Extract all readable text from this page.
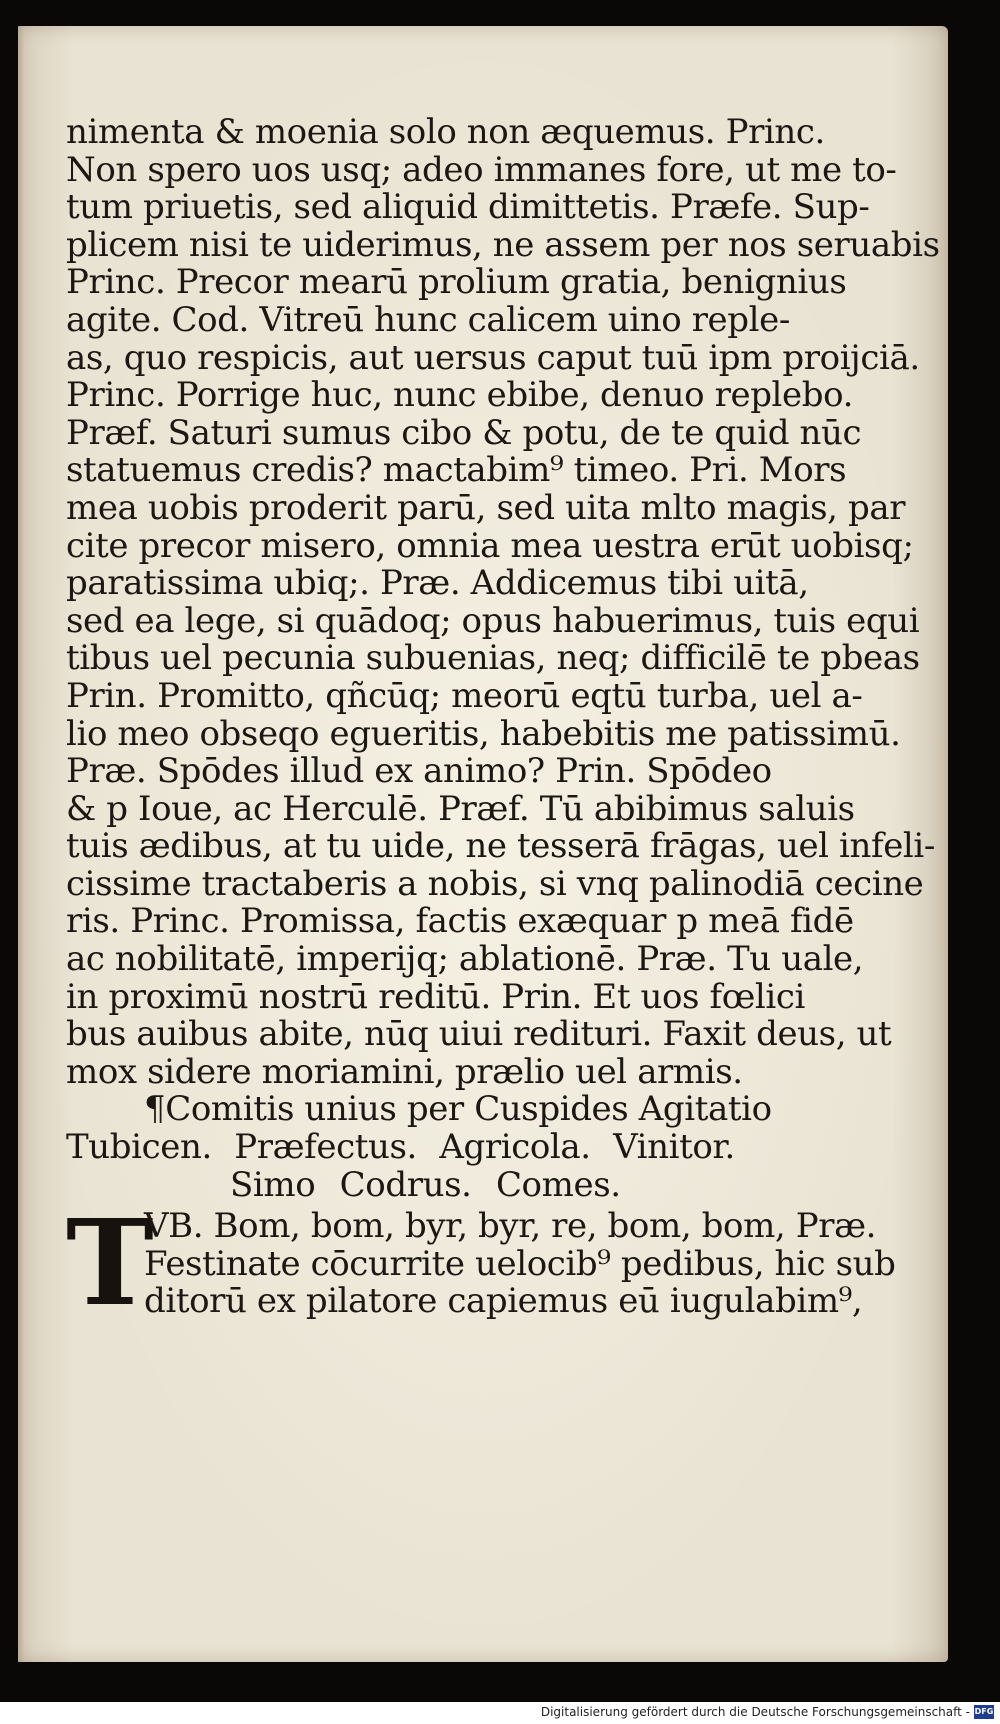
nimenta & moenia solo non æquemus. Princ.
Non spero uos usq; adeo immanes fore, ut me to-
tum priuetis, sed aliquid dimittetis. Præfe. Sup-
plicem nisi te uiderimus, ne assem per nos seruabis
Princ. Precor mearū prolium gratia, benignius
agite. Cod. Vitreū hunc calicem uino reple-
as, quo respicis, aut uersus caput tuū ipm proijciā.
Princ. Porrige huc, nunc ebibe, denuo replebo.
Præf. Saturi sumus cibo & potu, de te quid nūc
statuemus credis? mactabim⁹ timeo. Pri. Mors
mea uobis proderit parū, sed uita mlto magis, par
cite precor misero, omnia mea uestra erūt uobisq;
paratissima ubiq;. Præ. Addicemus tibi uitā,
sed ea lege, si quādoq; opus habuerimus, tuis equi
tibus uel pecunia subuenias, neq; difficilē te pbeas
Prin. Promitto, qñcūq; meorū eqtū turba, uel a-
lio meo obseqo egueritis, habebitis me patissimū.
Præ. Spōdes illud ex animo? Prin. Spōdeo
& p Ioue, ac Herculē. Præf. Tū abibimus saluis
tuis ædibus, at tu uide, ne tesserā frāgas, uel infeli-
cissime tractaberis a nobis, si vnq palinodiā cecine
ris. Princ. Promissa, factis exæquar p meā fidē
ac nobilitatē, imperijq; ablationē. Præ. Tu uale,
in proximū nostrū reditū. Prin. Et uos fœlici
bus auibus abite, nūq uiui redituri. Faxit deus, ut
mox sidere moriamini, prælio uel armis.
¶Comitis unius per Cuspides Agitatio
Tubicen. Præfectus. Agricola. Vinitor.
Simo Codrus. Comes.
T
VB. Bom, bom, byr, byr, re, bom, bom, Præ.
Festinate cōcurrite uelocib⁹ pedibus, hic sub
ditorū ex pilatore capiemus eū iugulabim⁹,
Digitalisierung gefördert durch die Deutsche Forschungsgemeinschaft - DFG
